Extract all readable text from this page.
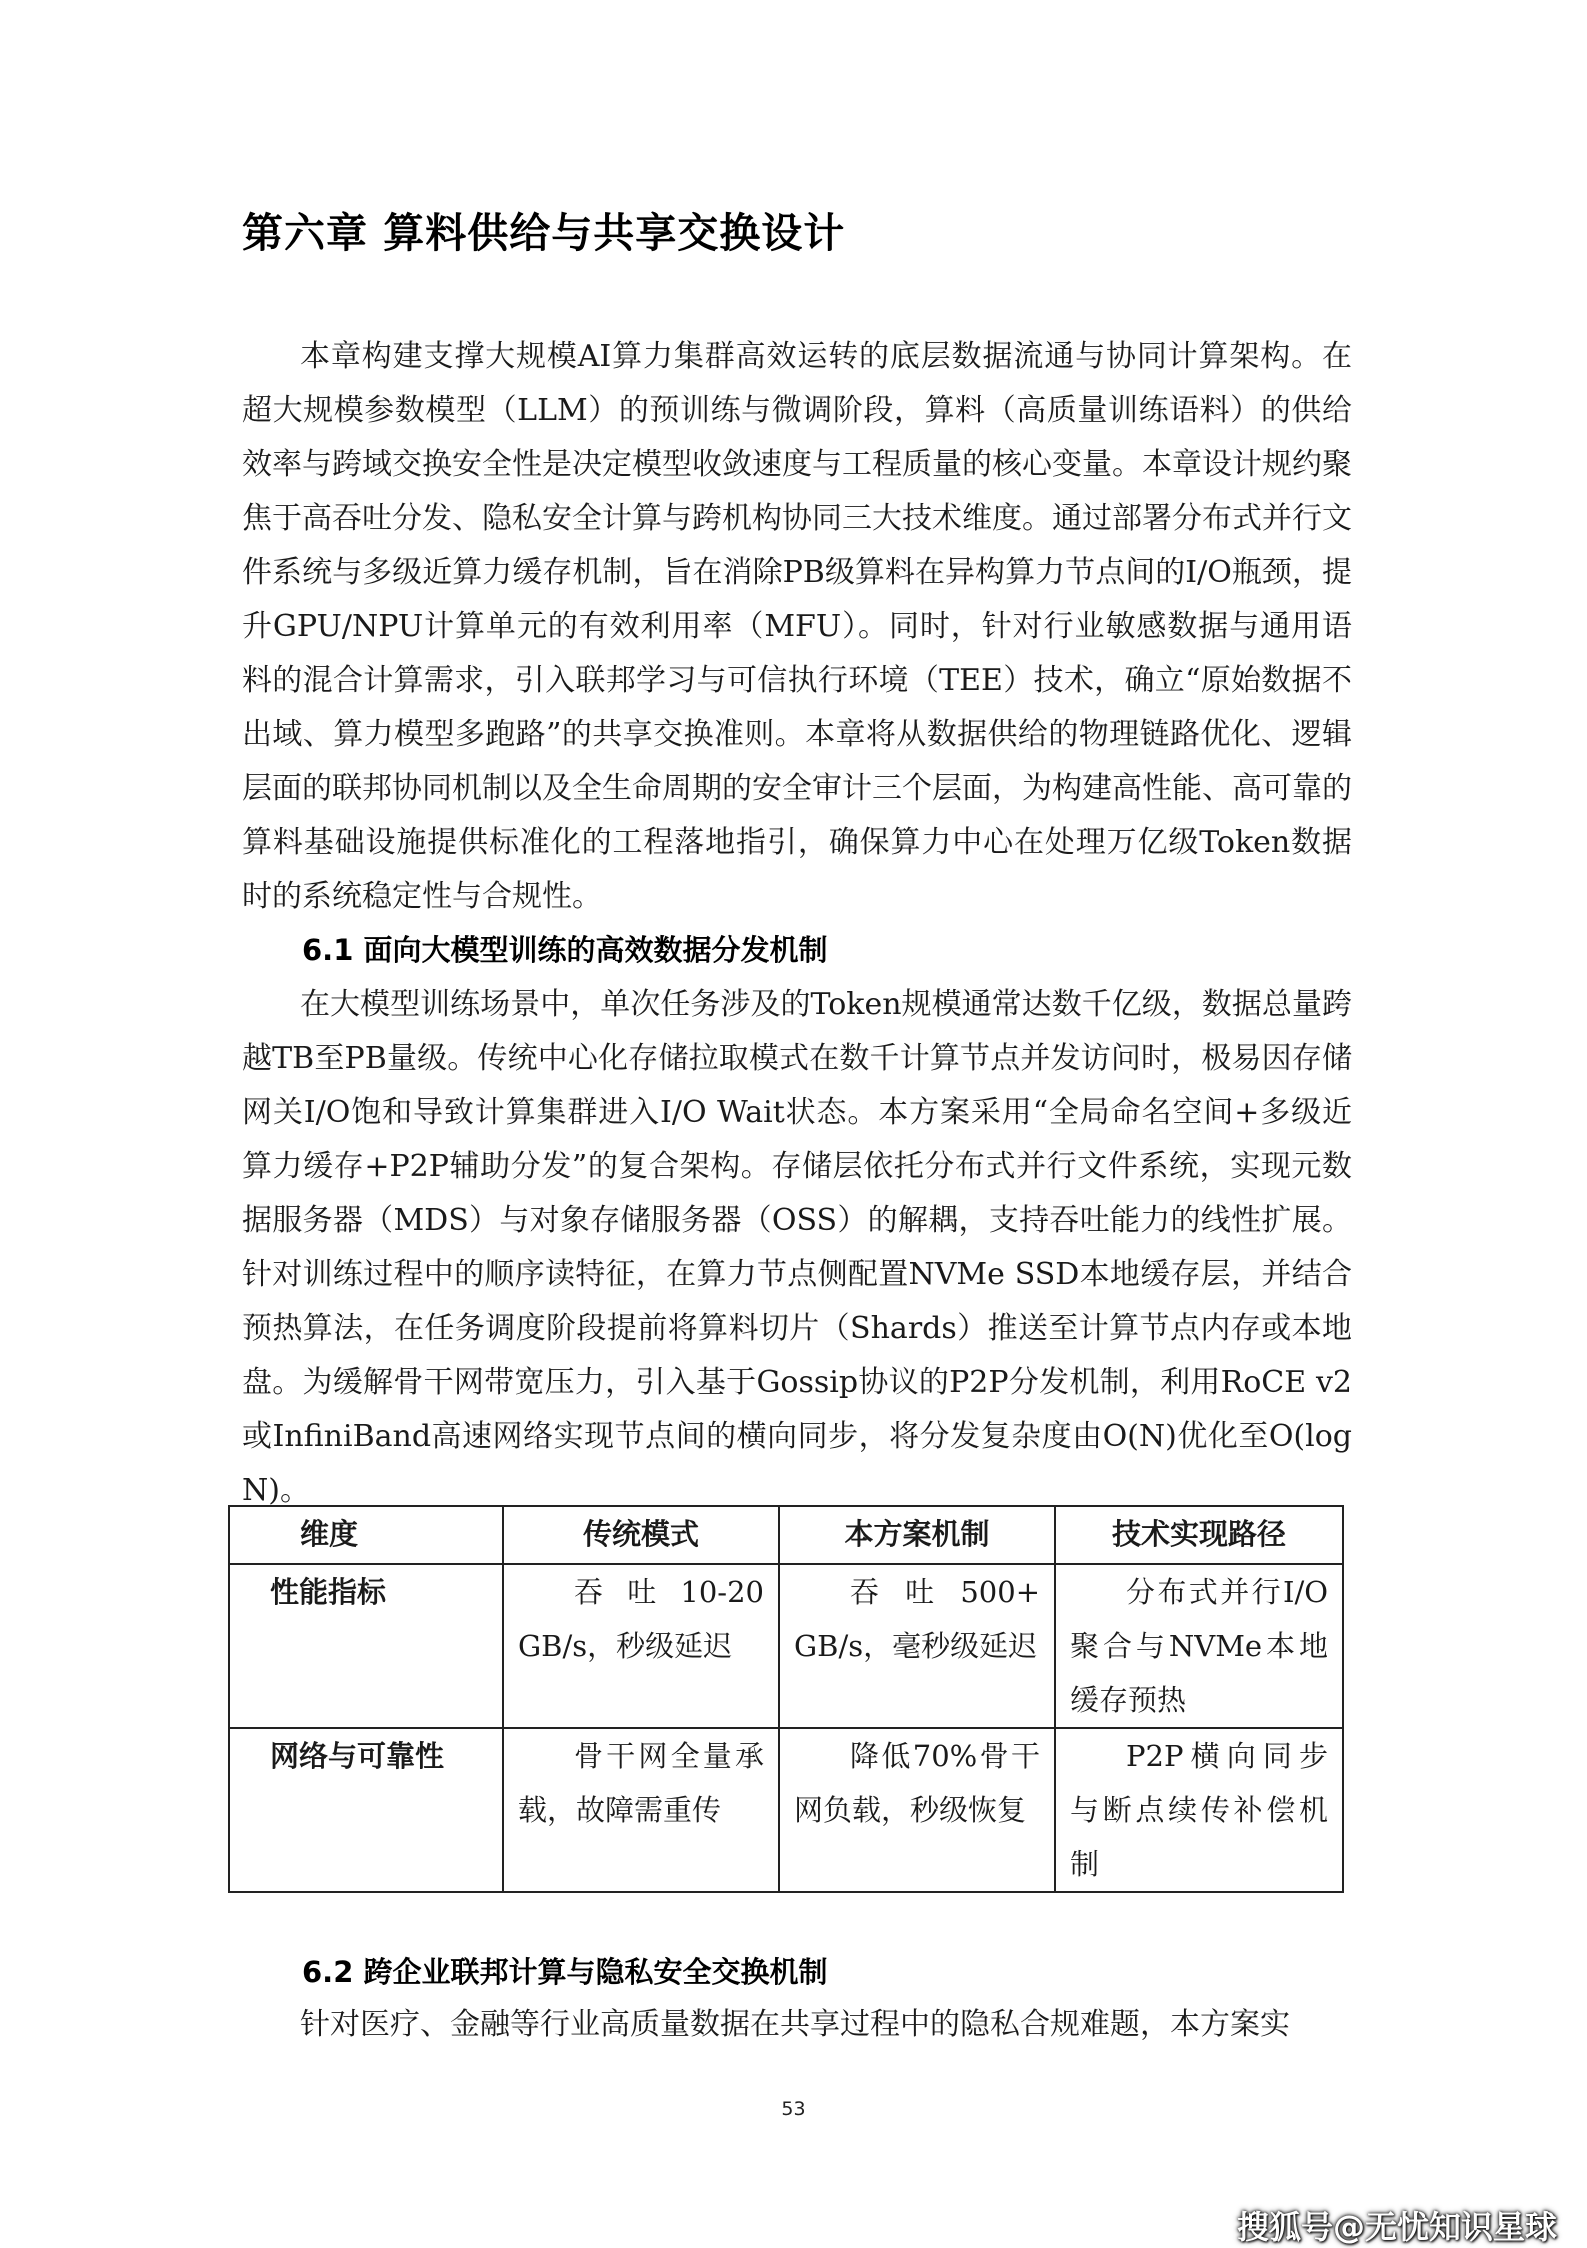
第六章 算料供给与共享交换设计

本章构建支撑大规模AI算力集群高效运转的底层数据流通与协同计算架构。在超大规模参数模型（LLM）的预训练与微调阶段，算料（高质量训练语料）的供给效率与跨域交换安全性是决定模型收敛速度与工程质量的核心变量。本章设计规约聚焦于高吞吐分发、隐私安全计算与跨机构协同三大技术维度。通过部署分布式并行文件系统与多级近算力缓存机制，旨在消除PB级算料在异构算力节点间的I/O瓶颈，提升GPU/NPU计算单元的有效利用率（MFU）。同时，针对行业敏感数据与通用语料的混合计算需求，引入联邦学习与可信执行环境（TEE）技术，确立“原始数据不出域、算力模型多跑路”的共享交换准则。本章将从数据供给的物理链路优化、逻辑层面的联邦协同机制以及全生命周期的安全审计三个层面，为构建高性能、高可靠的算料基础设施提供标准化的工程落地指引，确保算力中心在处理万亿级Token数据时的系统稳定性与合规性。

6.1 面向大模型训练的高效数据分发机制

在大模型训练场景中，单次任务涉及的Token规模通常达数千亿级，数据总量跨越TB至PB量级。传统中心化存储拉取模式在数千计算节点并发访问时，极易因存储网关I/O饱和导致计算集群进入I/O Wait状态。本方案采用“全局命名空间+多级近算力缓存+P2P辅助分发”的复合架构。存储层依托分布式并行文件系统，实现元数据服务器（MDS）与对象存储服务器（OSS）的解耦，支持吞吐能力的线性扩展。针对训练过程中的顺序读特征，在算力节点侧配置NVMe SSD本地缓存层，并结合预热算法，在任务调度阶段提前将算料切片（Shards）推送至计算节点内存或本地盘。为缓解骨干网带宽压力，引入基于Gossip协议的P2P分发机制，利用RoCE v2或InfiniBand高速网络实现节点间的横向同步，将分发复杂度由O(N)优化至O(log N)。

维度	传统模式	本方案机制	技术实现路径
性能指标	吞吐10-20 GB/s，秒级延迟	吞吐500+ GB/s，毫秒级延迟	分布式并行I/O聚合与NVMe本地缓存预热
网络与可靠性	骨干网全量承载，故障需重传	降低70%骨干网负载，秒级恢复	P2P横向同步与断点续传补偿机制
6.2 跨企业联邦计算与隐私安全交换机制

针对医疗、金融等行业高质量数据在共享过程中的隐私合规难题，本方案实

53
搜狐号@无忧知识星球
